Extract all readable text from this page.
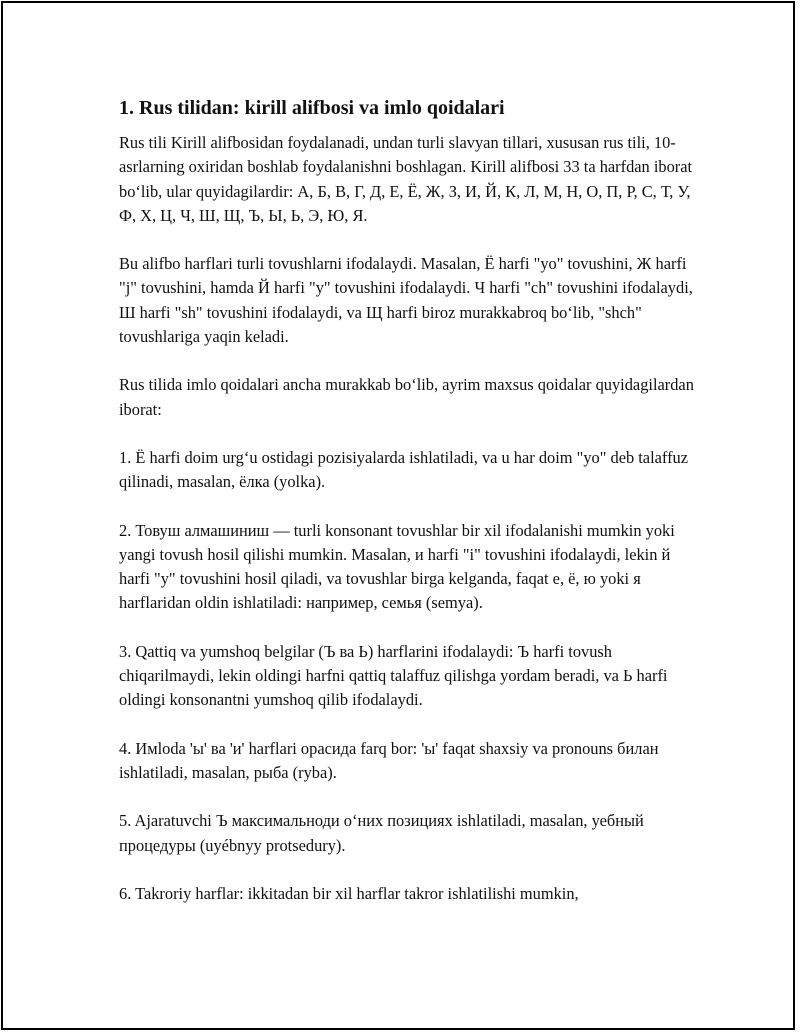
1. Rus tilidan: kirill alifbosi va imlo qoidalari

Rus tili Kirill alifbosidan foydalanadi, undan turli slavyan tillari, xususan rus tili, 10-asrlarning oxiridan boshlab foydalanishni boshlagan. Kirill alifbosi 33 ta harfdan iborat bo‘lib, ular quyidagilardir: А, Б, В, Г, Д, Е, Ё, Ж, З, И, Й, К, Л, М, Н, О, П, Р, С, Т, У, Ф, Х, Ц, Ч, Ш, Щ, Ъ, Ы, Ь, Э, Ю, Я.

Bu alifbo harflari turli tovushlarni ifodalaydi. Masalan, Ё harfi "yo" tovushini, Ж harfi "j" tovushini, hamda Й harfi "y" tovushini ifodalaydi. Ч harfi "ch" tovushini ifodalaydi, Ш harfi "sh" tovushini ifodalaydi, va Щ harfi biroz murakkabroq bo‘lib, "shch" tovushlariga yaqin keladi.

Rus tilida imlo qoidalari ancha murakkab bo‘lib, ayrim maxsus qoidalar quyidagilardan iborat:

1. Ё harfi doim urg‘u ostidagi pozisiyalarda ishlatiladi, va u har doim "yo" deb talaffuz qilinadi, masalan, ёлка (yolka).

2. Товуш алмашиниш — turli konsonant tovushlar bir xil ifodalanishi mumkin yoki yangi tovush hosil qilishi mumkin. Masalan, и harfi "i" tovushini ifodalaydi, lekin й harfi "y" tovushini hosil qiladi, va tovushlar birga kelganda, faqat е, ё, ю yoki я harflaridan oldin ishlatiladi: например, семья (semya).

3. Qattiq va yumshoq belgilar (Ъ ва Ь) harflarini ifodalaydi: Ъ harfi tovush chiqarilmaydi, lekin oldingi harfni qattiq talaffuz qilishga yordam beradi, va Ь harfi oldingi konsonantni yumshoq qilib ifodalaydi.

4. Имloda 'ы' ва 'и' harflari орасида farq bor: 'ы' faqat shaxsiy va pronouns билан ishlatiladi, masalan, рыба (ryba).

5. Ajaratuvchi Ъ максимальноди o‘них позициях ishlatiladi, masalan, уебный процедуры (uyébnyy protsedury).

6. Takroriy harflar: ikkitadan bir xil harflar takror ishlatilishi mumkin,
